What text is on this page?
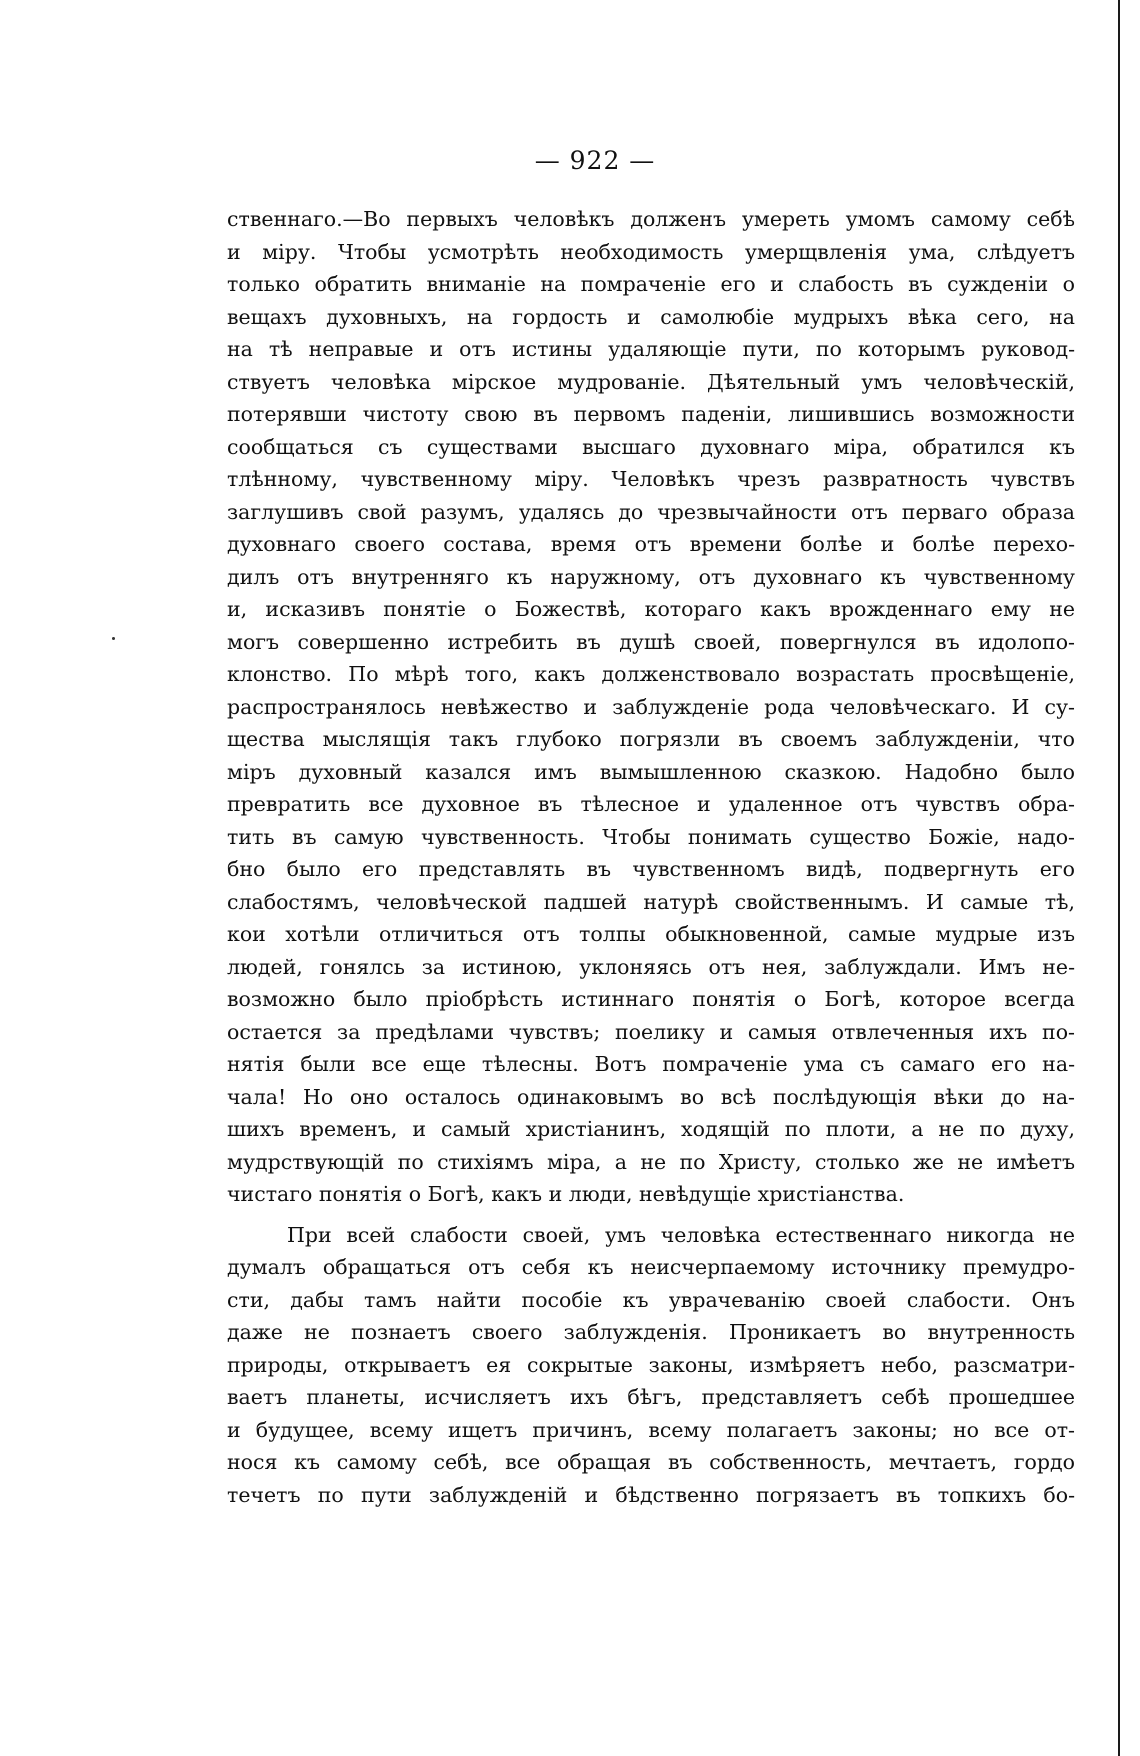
— 922 —
ственнаго.—Во первыхъ человѣкъ долженъ умереть умомъ самому себѣ
и міру. Чтобы усмотрѣть необходимость умерщвленія ума, слѣдуетъ
только обратить вниманіе на помраченіе его и слабость въ сужденіи о
вещахъ духовныхъ, на гордость и самолюбіе мудрыхъ вѣка сего, на
на тѣ неправые и отъ истины удаляющіе пути, по которымъ руковод-
ствуетъ человѣка мірское мудрованіе. Дѣятельный умъ человѣческій,
потерявши чистоту свою въ первомъ паденіи, лишившись возможности
сообщаться съ существами высшаго духовнаго міра, обратился къ
тлѣнному, чувственному міру. Человѣкъ чрезъ развратность чувствъ
заглушивъ свой разумъ, удалясь до чрезвычайности отъ перваго образа
духовнаго своего состава, время отъ времени болѣе и болѣе перехо-
дилъ отъ внутренняго къ наружному, отъ духовнаго къ чувственному
и, исказивъ понятіе о Божествѣ, котораго какъ врожденнаго ему не
могъ совершенно истребить въ душѣ своей, повергнулся въ идолопо-
клонство. По мѣрѣ того, какъ долженствовало возрастать просвѣщеніе,
распространялось невѣжество и заблужденіе рода человѣческаго. И су-
щества мыслящія такъ глубоко погрязли въ своемъ заблужденіи, что
міръ духовный казался имъ вымышленною сказкою. Надобно было
превратить все духовное въ тѣлесное и удаленное отъ чувствъ обра-
тить въ самую чувственность. Чтобы понимать существо Божіе, надо-
бно было его представлять въ чувственномъ видѣ, подвергнуть его
слабостямъ, человѣческой падшей натурѣ свойственнымъ. И самые тѣ,
кои хотѣли отличиться отъ толпы обыкновенной, самые мудрые изъ
людей, гонялсь за истиною, уклоняясь отъ нея, заблуждали. Имъ не-
возможно было пріобрѣсть истиннаго понятія о Богѣ, которое всегда
остается за предѣлами чувствъ; поелику и самыя отвлеченныя ихъ по-
нятія были все еще тѣлесны. Вотъ помраченіе ума съ самаго его на-
чала! Но оно осталось одинаковымъ во всѣ послѣдующія вѣки до на-
шихъ временъ, и самый христіанинъ, ходящій по плоти, а не по духу,
мудрствующій по стихіямъ міра, а не по Христу, столько же не имѣетъ
чистаго понятія о Богѣ, какъ и люди, невѣдущіе христіанства.
При всей слабости своей, умъ человѣка естественнаго никогда не
думалъ обращаться отъ себя къ неисчерпаемому источнику премудро-
сти, дабы тамъ найти пособіе къ уврачеванію своей слабости. Онъ
даже не познаетъ своего заблужденія. Проникаетъ во внутренность
природы, открываетъ ея сокрытые законы, измѣряетъ небо, разсматри-
ваетъ планеты, исчисляетъ ихъ бѣгъ, представляетъ себѣ прошедшее
и будущее, всему ищетъ причинъ, всему полагаетъ законы; но все от-
нося къ самому себѣ, все обращая въ собственность, мечтаетъ, гордо
течетъ по пути заблужденій и бѣдственно погрязаетъ въ топкихъ бо-
